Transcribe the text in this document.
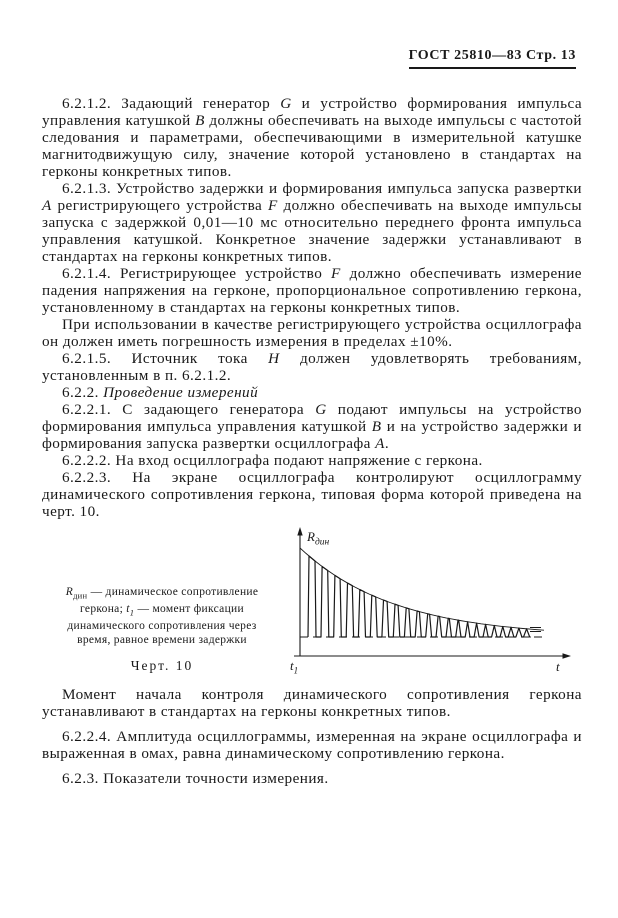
ГОСТ 25810—83 Стр. 13

6.2.1.2. Задающий генератор G и устройство формирования импульса управления катушкой B должны обеспечивать на выходе импульсы с частотой следования и параметрами, обеспечивающими в измерительной катушке магнитодвижущую силу, значение которой установлено в стандартах на герконы конкретных типов.

6.2.1.3. Устройство задержки и формирования импульса запуска развертки A регистрирующего устройства F должно обеспечивать на выходе импульсы запуска с задержкой 0,01—10 мс относительно переднего фронта импульса управления катушкой. Конкретное значение задержки устанавливают в стандартах на герконы конкретных типов.

6.2.1.4. Регистрирующее устройство F должно обеспечивать измерение падения напряжения на герконе, пропорциональное сопротивлению геркона, установленному в стандартах на герконы конкретных типов.

При использовании в качестве регистрирующего устройства осциллографа он должен иметь погрешность измерения в пределах ±10%.

6.2.1.5. Источник тока H должен удовлетворять требованиям, установленным в п. 6.2.1.2.

6.2.2. Проведение измерений

6.2.2.1. С задающего генератора G подают импульсы на устройство формирования импульса управления катушкой B и на устройство задержки и формирования запуска развертки осциллографа A.

6.2.2.2. На вход осциллографа подают напряжение с геркона.

6.2.2.3. На экране осциллографа контролируют осциллограмму динамического сопротивления геркона, типовая форма которой приведена на черт. 10.

$R_{дин}$ — динамическое сопротивление
геркона; $t_1$ — момент фиксации
динамического сопротивления через
время, равное времени задержки
Черт. 10
$R_{дин}$
t
$t_1$

Момент начала контроля динамического сопротивления геркона устанавливают в стандартах на герконы конкретных типов.

6.2.2.4. Амплитуда осциллограммы, измеренная на экране осциллографа и выраженная в омах, равна динамическому сопротивлению геркона.

6.2.3. Показатели точности измерения.
